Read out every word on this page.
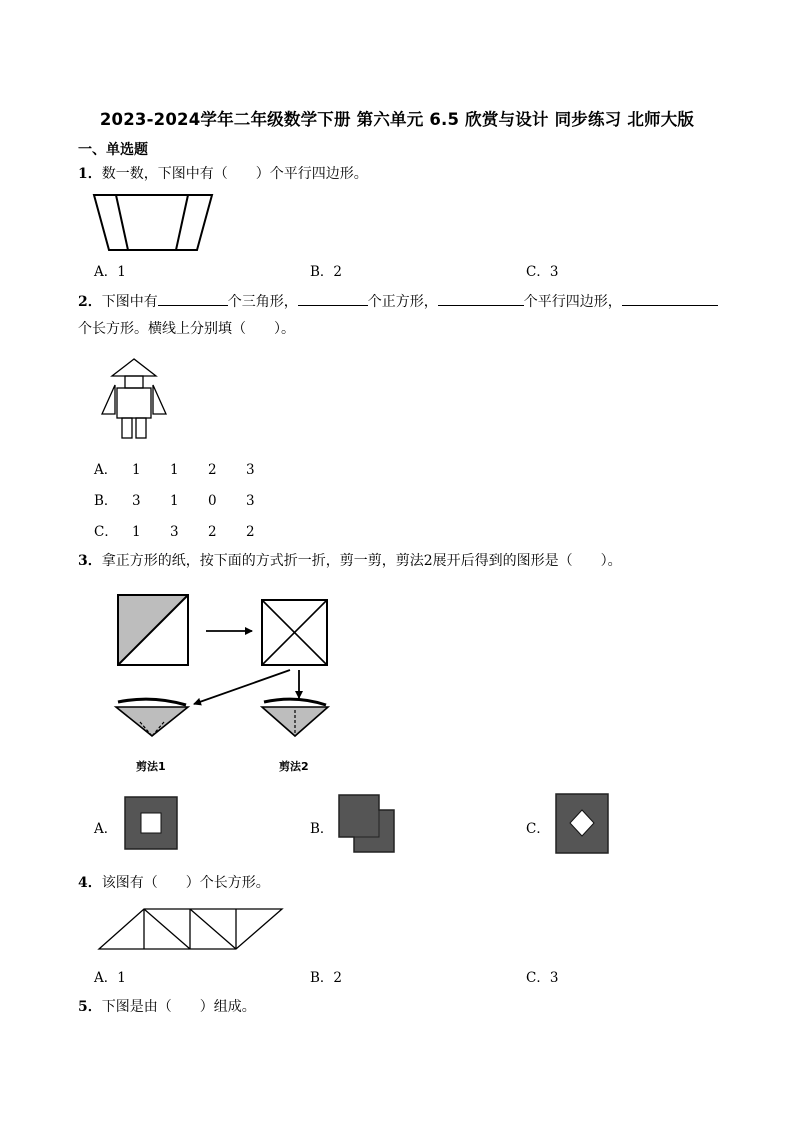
2023-2024学年二年级数学下册 第六单元 6.5 欣赏与设计 同步练习 北师大版
一、单选题
1．数一数，下图中有（　　）个平行四边形。
A．1	B．2	C．3
2．下图中有	个三角形，	个正方形，	个平行四边形，
个长方形。横线上分别填（　　）。
A． 1 1 2 3
B． 3 1 0 3
C． 1 3 2 2
3．拿正方形的纸，按下面的方式折一折，剪一剪，剪法2展开后得到的图形是（　　）。
剪法1	剪法2
A．	B．	C．
4．该图有（　　）个长方形。
A．1	B．2	C．3
5．下图是由（　　）组成。
